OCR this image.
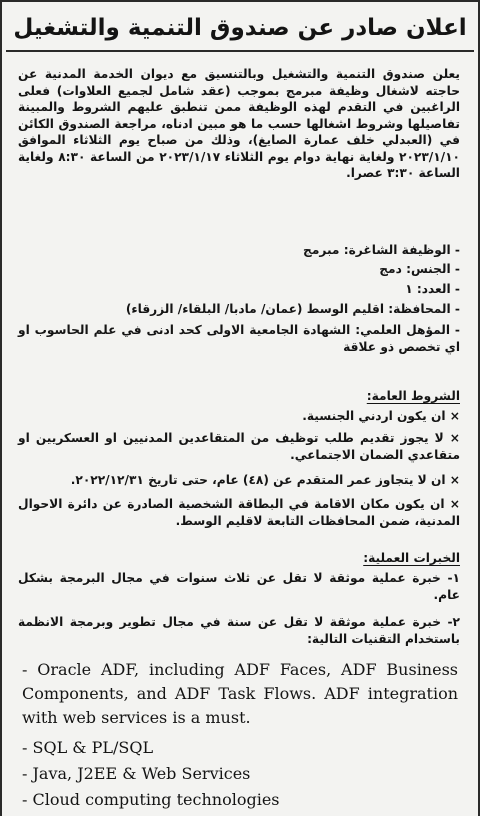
اعلان صادر عن صندوق التنمية والتشغيل
يعلن صندوق التنمية والتشغيل وبالتنسيق مع ديوان الخدمة المدنية عن حاجته لاشغال وظيفة مبرمج بموجب (عقد شامل لجميع العلاوات) فعلى الراغبين في التقدم لهذه الوظيفة ممن تنطبق عليهم الشروط والمبينة تفاصيلها وشروط اشغالها حسب ما هو مبين ادناه، مراجعة الصندوق الكائن في (العبدلي خلف عمارة الصايغ)، وذلك من صباح يوم الثلاثاء الموافق ٢٠٢٣/١/١٠ ولغاية نهاية دوام يوم الثلاثاء ٢٠٢٣/١/١٧ من الساعة ٨:٣٠ ولغاية الساعة ٣:٣٠ عصرا.
- الوظيفة الشاغرة: مبرمج
- الجنس: دمج
- العدد: ١
- المحافظة: اقليم الوسط (عمان/ مادبا/ البلقاء/ الزرقاء)
- المؤهل العلمي: الشهادة الجامعية الاولى كحد ادنى في علم الحاسوب او اي تخصص ذو علاقة
الشروط العامة:
× ان يكون اردني الجنسية.
× لا يجوز تقديم طلب توظيف من المتقاعدين المدنيين او العسكريين او متقاعدي الضمان الاجتماعي.
× ان لا يتجاوز عمر المتقدم عن (٤٨) عام، حتى تاريخ ٢٠٢٢/١٢/٣١.
× ان يكون مكان الاقامة في البطاقة الشخصية الصادرة عن دائرة الاحوال المدنية، ضمن المحافظات التابعة لاقليم الوسط.
الخبرات العملية:
١- خبرة عملية موثقة لا تقل عن ثلاث سنوات في مجال البرمجة بشكل عام.
٢- خبرة عملية موثقة لا تقل عن سنة في مجال تطوير وبرمجة الانظمة باستخدام التقنيات التالية:
- Oracle ADF, including ADF Faces, ADF Business Components, and ADF Task Flows. ADF integration with web services is a must.
- SQL & PL/SQL
- Java, J2EE & Web Services
- Cloud computing technologies
